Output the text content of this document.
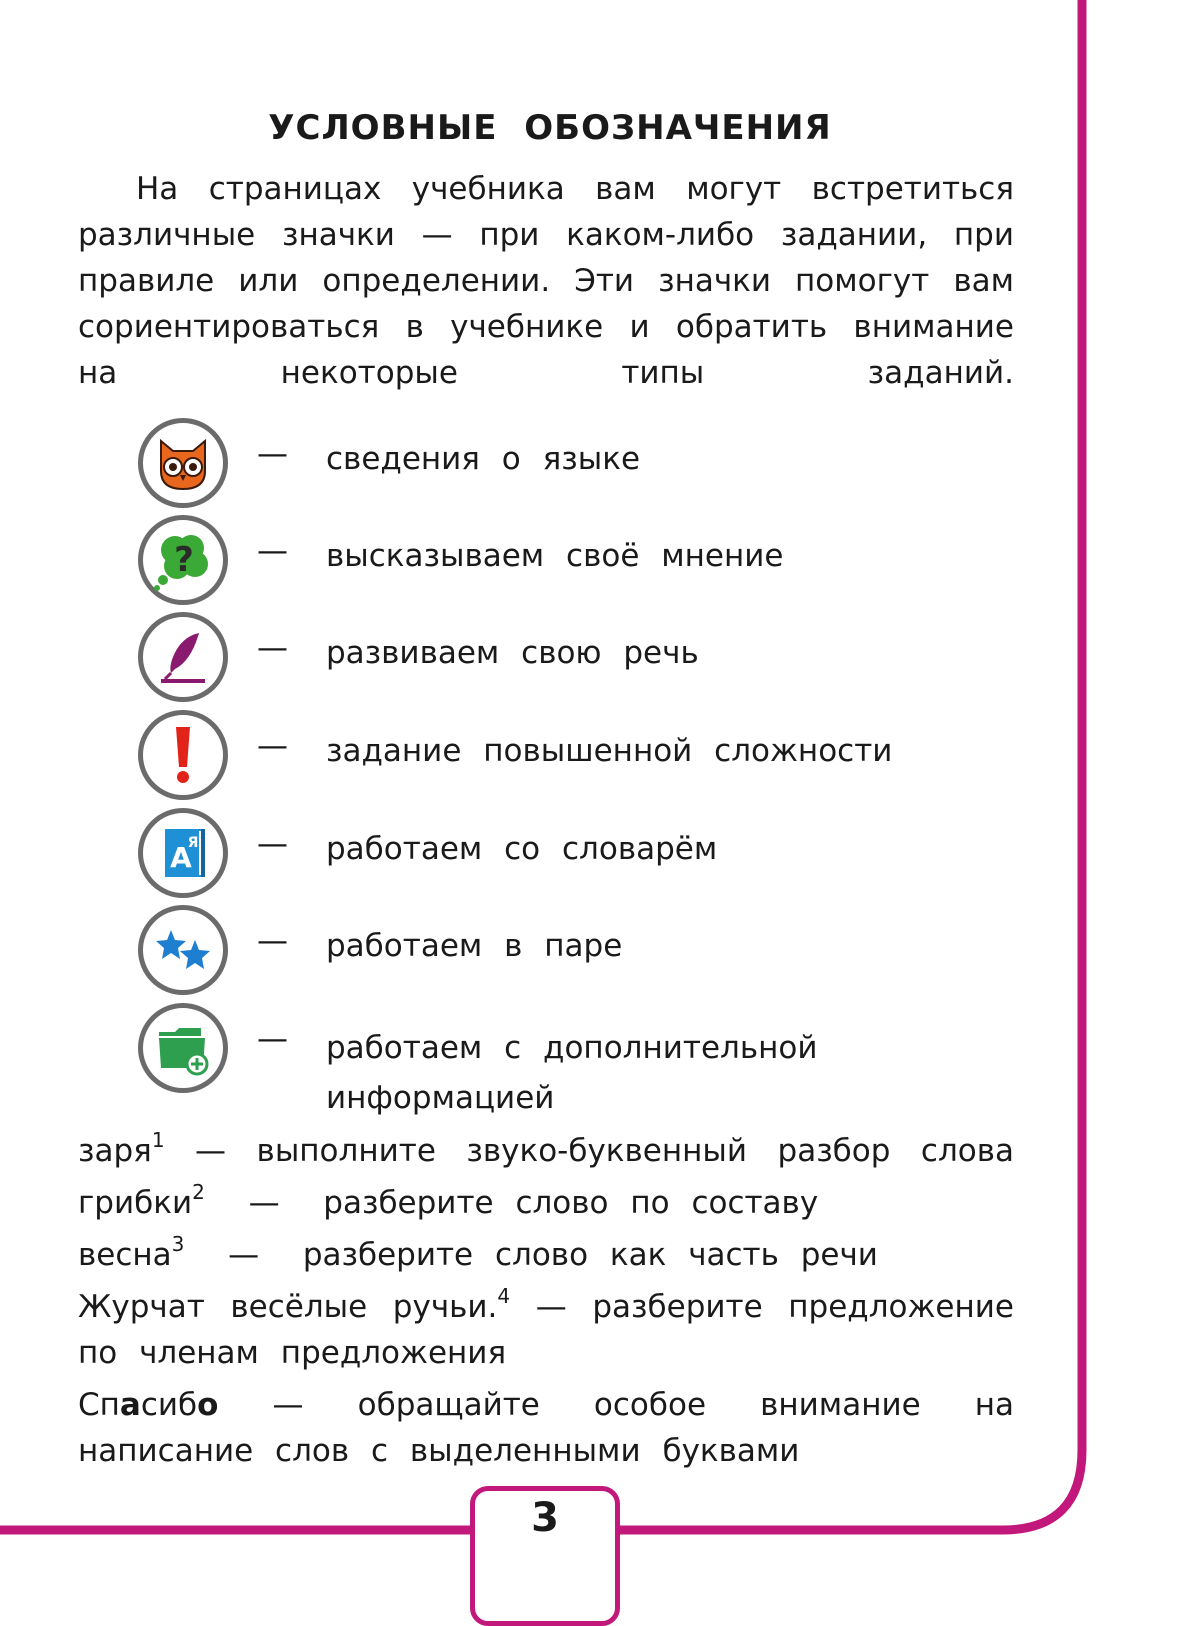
УСЛОВНЫЕ ОБОЗНАЧЕНИЯ

На страницах учебника вам могут встретиться различные значки — при каком-либо задании, при правиле или определении. Эти значки помогут вам сориентироваться в учебнике и обратить внимание на некоторые типы заданий.

— сведения о языке
? — высказываем своё мнение
— развиваем свою речь
— задание повышенной сложности
A
Я — работаем со словарём
— работаем в паре
— работаем с дополнительной информацией

заря$^1$ — выполните звуко-буквенный разбор слова

грибки$^2$ — разберите слово по составу

весна$^3$ — разберите слово как часть речи

Журчат весёлые ручьи.$^4$ — разберите предложение по членам предложения

Спасибо — обращайте особое внимание на написание слов с выделенными буквами

3
